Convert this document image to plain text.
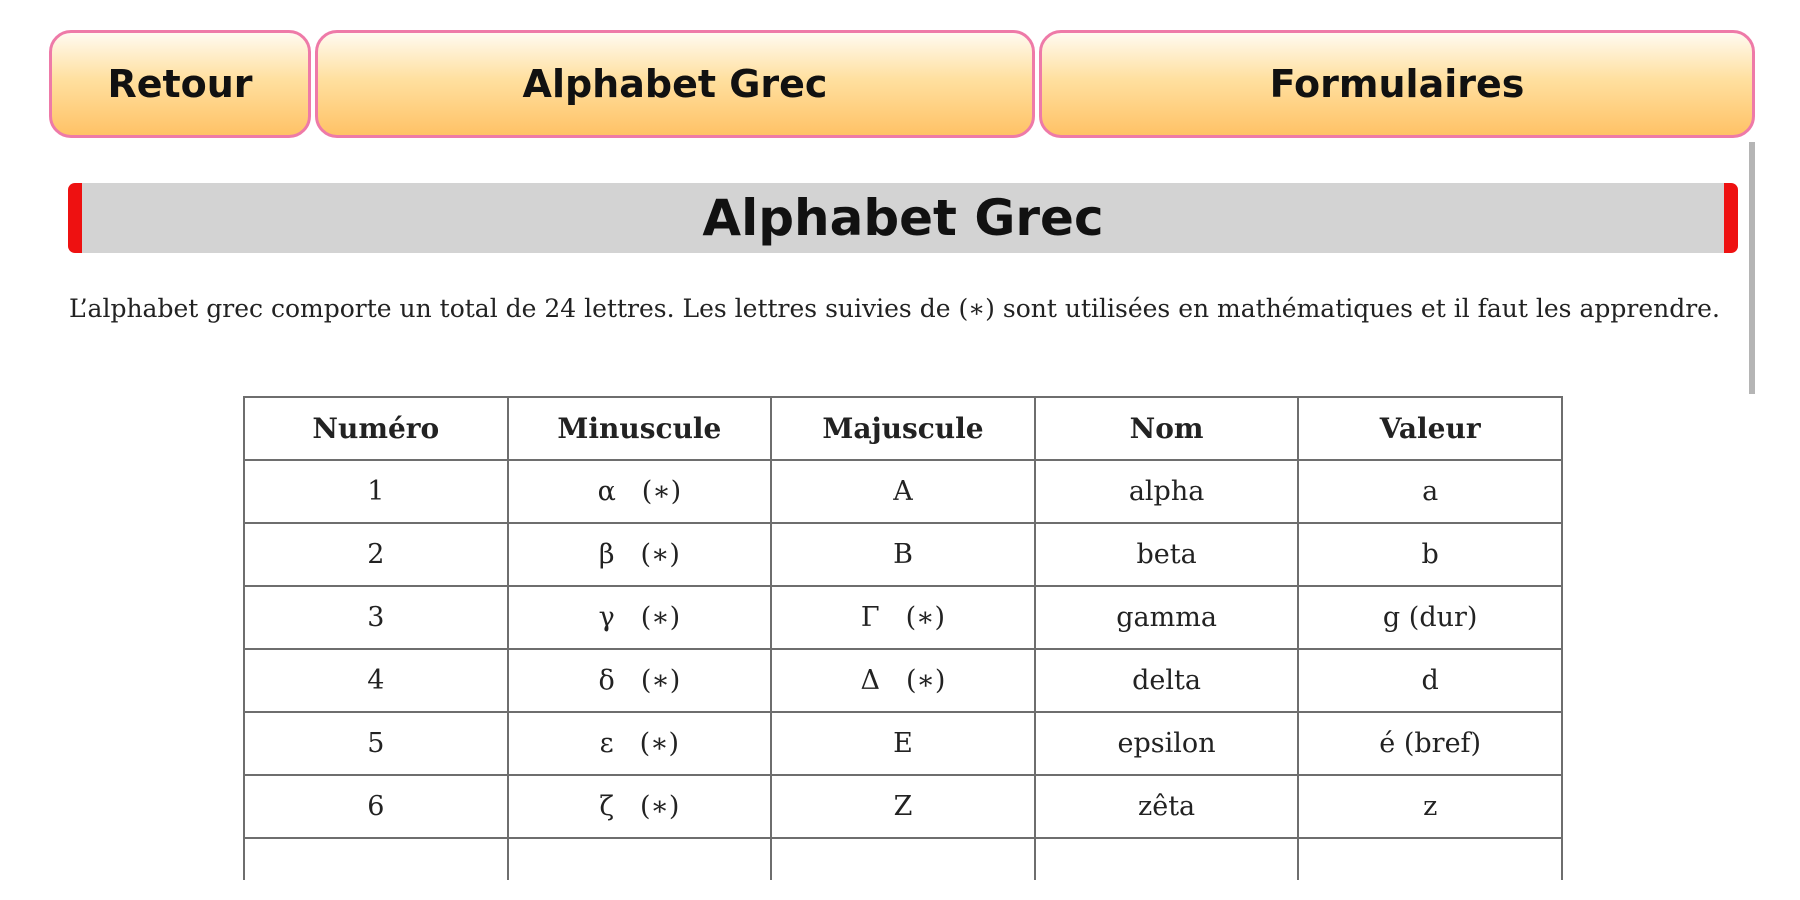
Retour	Alphabet Grec	Formulaires
Alphabet Grec

L’alphabet grec comporte un total de 24 lettres. Les lettres suivies de (∗) sont utilisées en mathématiques et il faut les apprendre.

Numéro	Minuscule	Majuscule	Nom	Valeur
1	α (∗)	A	alpha	a
2	β (∗)	B	beta	b
3	γ (∗)	Γ (∗)	gamma	g (dur)
4	δ (∗)	Δ (∗)	delta	d
5	ε (∗)	E	epsilon	é (bref)
6	ζ (∗)	Z	zêta	z
